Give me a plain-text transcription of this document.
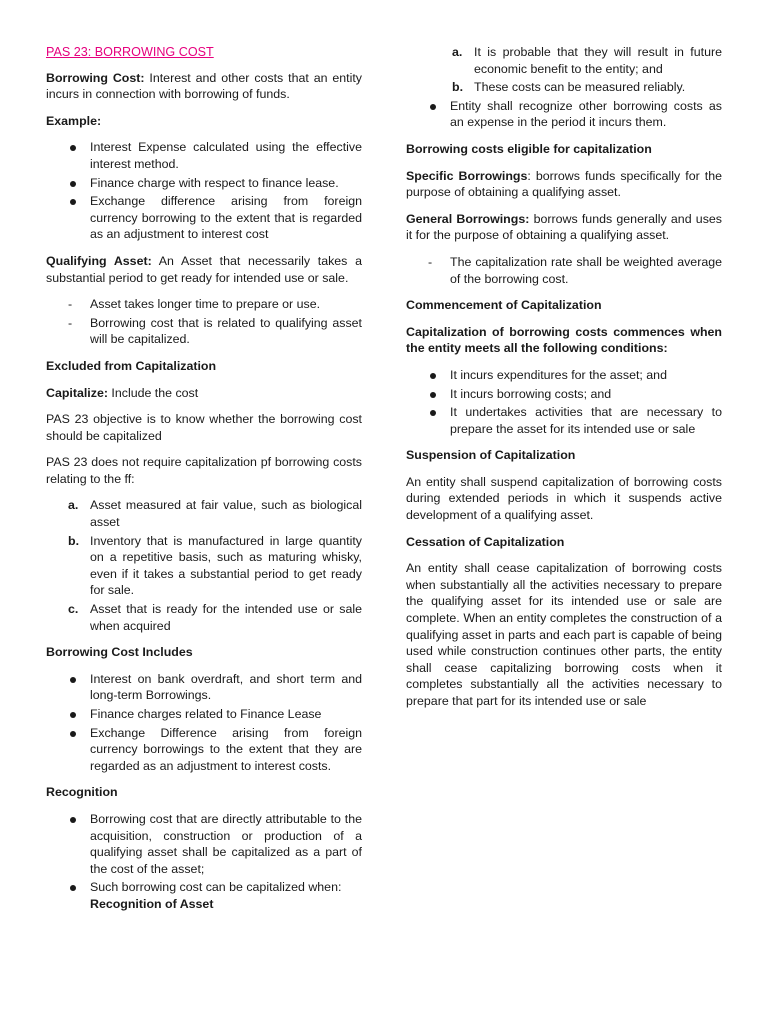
PAS 23: BORROWING COST

Borrowing Cost: Interest and other costs that an entity incurs in connection with borrowing of funds.

Example:
Interest Expense calculated using the effective interest method.
Finance charge with respect to finance lease.
Exchange difference arising from foreign currency borrowing to the extent that is regarded as an adjustment to interest cost

Qualifying Asset: An Asset that necessarily takes a substantial period to get ready for intended use or sale.

- Asset takes longer time to prepare or use.
- Borrowing cost that is related to qualifying asset will be capitalized.
Excluded from Capitalization

Capitalize: Include the cost

PAS 23 objective is to know whether the borrowing cost should be capitalized

PAS 23 does not require capitalization pf borrowing costs relating to the ff:

a. Asset measured at fair value, such as biological asset
b. Inventory that is manufactured in large quantity on a repetitive basis, such as maturing whisky, even if it takes a substantial period to get ready for sale.
c. Asset that is ready for the intended use or sale when acquired
Borrowing Cost Includes
Interest on bank overdraft, and short term and long-term Borrowings.
Finance charges related to Finance Lease
Exchange Difference arising from foreign currency borrowings to the extent that they are regarded as an adjustment to interest costs.
Recognition
Borrowing cost that are directly attributable to the acquisition, construction or production of a qualifying asset shall be capitalized as a part of the cost of the asset;
Such borrowing cost can be capitalized when:
Recognition of Asset
a. It is probable that they will result in future economic benefit to the entity; and
b. These costs can be measured reliably.
Entity shall recognize other borrowing costs as an expense in the period it incurs them.
Borrowing costs eligible for capitalization

Specific Borrowings: borrows funds specifically for the purpose of obtaining a qualifying asset.

General Borrowings: borrows funds generally and uses it for the purpose of obtaining a qualifying asset.

- The capitalization rate shall be weighted average of the borrowing cost.
Commencement of Capitalization

Capitalization of borrowing costs commences when the entity meets all the following conditions:

It incurs expenditures for the asset; and
It incurs borrowing costs; and
It undertakes activities that are necessary to prepare the asset for its intended use or sale
Suspension of Capitalization

An entity shall suspend capitalization of borrowing costs during extended periods in which it suspends active development of a qualifying asset.

Cessation of Capitalization

An entity shall cease capitalization of borrowing costs when substantially all the activities necessary to prepare the qualifying asset for its intended use or sale are complete. When an entity completes the construction of a qualifying asset in parts and each part is capable of being used while construction continues other parts, the entity shall cease capitalizing borrowing costs when it completes substantially all the activities necessary to prepare that part for its intended use or sale
